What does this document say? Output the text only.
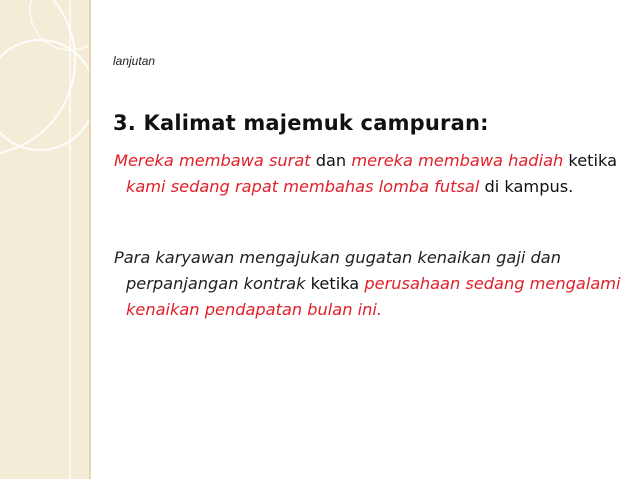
lanjutan

3. Kalimat majemuk campuran:

Mereka membawa surat dan mereka membawa hadiah ketika kami sedang rapat membahas lomba futsal di kampus.

Para karyawan mengajukan gugatan kenaikan gaji dan perpanjangan kontrak ketika perusahaan sedang mengalami kenaikan pendapatan bulan ini.
